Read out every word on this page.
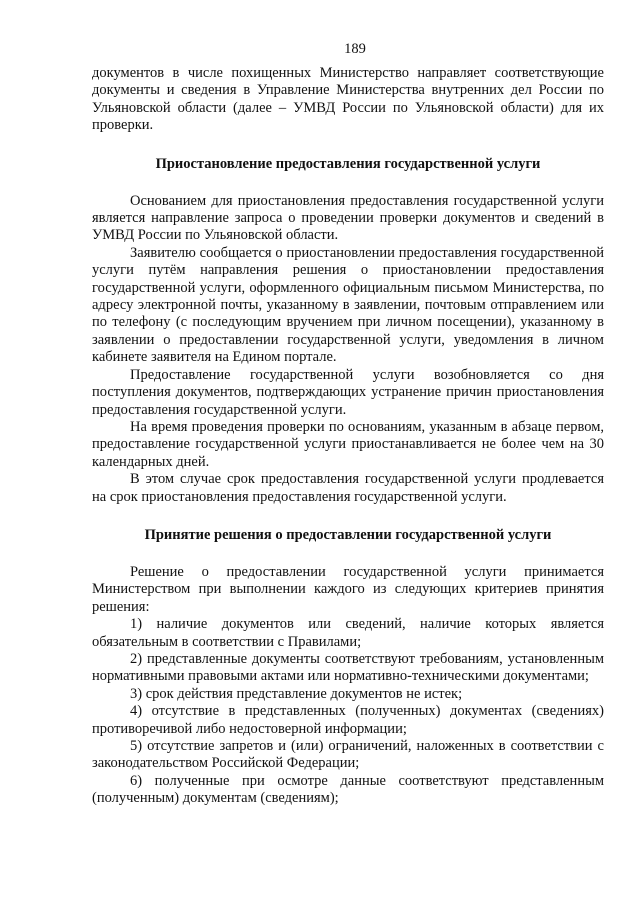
189

документов в числе похищенных Министерство направляет соответствующие документы и сведения в Управление Министерства внутренних дел России по Ульяновской области (далее – УМВД России по Ульяновской области) для их проверки.

Приостановление предоставления государственной услуги

Основанием для приостановления предоставления государственной услуги является направление запроса о проведении проверки документов и сведений в УМВД России по Ульяновской области.

Заявителю сообщается о приостановлении предоставления государственной услуги путём направления решения о приостановлении предоставления государственной услуги, оформленного официальным письмом Министерства, по адресу электронной почты, указанному в заявлении, почтовым отправлением или по телефону (с последующим вручением при личном посещении), указанному в заявлении о предоставлении государственной услуги, уведомления в личном кабинете заявителя на Едином портале.

Предоставление государственной услуги возобновляется со дня поступления документов, подтверждающих устранение причин приостановления предоставления государственной услуги.

На время проведения проверки по основаниям, указанным в абзаце первом, предоставление государственной услуги приостанавливается не более чем на 30 календарных дней.

В этом случае срок предоставления государственной услуги продлевается на срок приостановления предоставления государственной услуги.

Принятие решения о предоставлении государственной услуги

Решение о предоставлении государственной услуги принимается Министерством при выполнении каждого из следующих критериев принятия решения:

1) наличие документов или сведений, наличие которых является обязательным в соответствии с Правилами;

2) представленные документы соответствуют требованиям, установленным нормативными правовыми актами или нормативно-техническими документами;

3) срок действия представление документов не истек;

4) отсутствие в представленных (полученных) документах (сведениях) противоречивой либо недостоверной информации;

5) отсутствие запретов и (или) ограничений, наложенных в соответствии с законодательством Российской Федерации;

6) полученные при осмотре данные соответствуют представленным (полученным) документам (сведениям);
